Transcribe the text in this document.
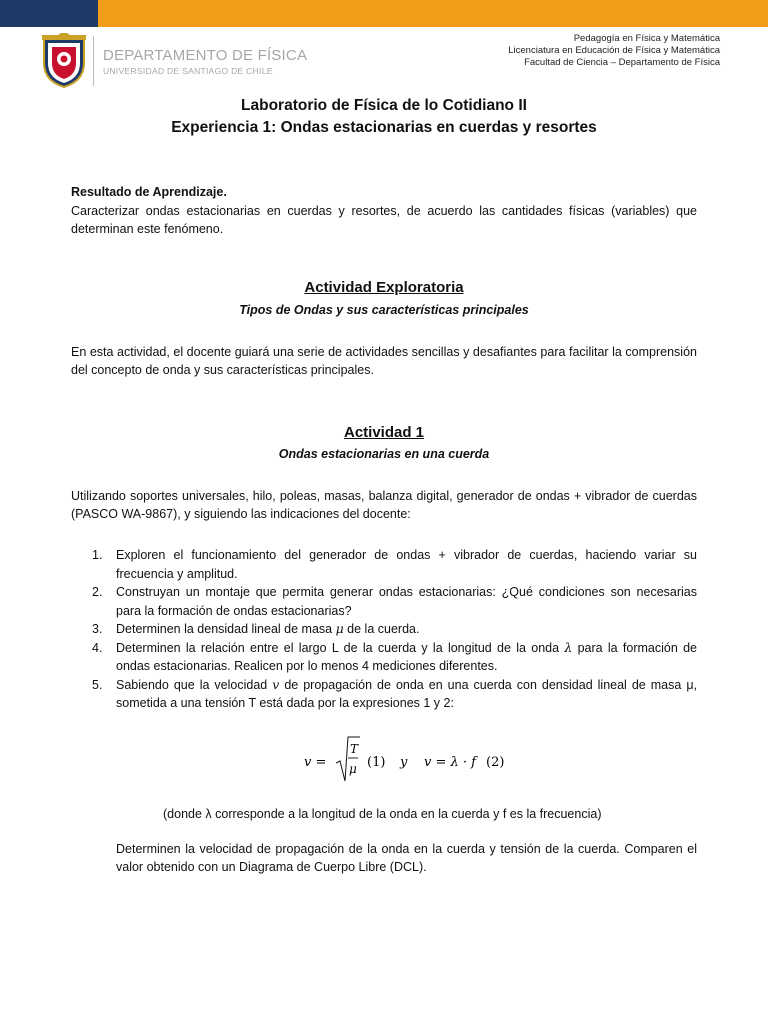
DEPARTAMENTO DE FÍSICA
UNIVERSIDAD DE SANTIAGO DE CHILE
Pedagogía en Física y Matemática
Licenciatura en Educación de Física y Matemática
Facultad de Ciencia – Departamento de Física
Laboratorio de Física de lo Cotidiano II
Experiencia 1: Ondas estacionarias en cuerdas y resortes
Resultado de Aprendizaje.
Caracterizar ondas estacionarias en cuerdas y resortes, de acuerdo las cantidades físicas (variables) que determinan este fenómeno.
Actividad Exploratoria
Tipos de Ondas y sus características principales
En esta actividad, el docente guiará una serie de actividades sencillas y desafiantes para facilitar la comprensión del concepto de onda y sus características principales.
Actividad 1
Ondas estacionarias en una cuerda
Utilizando soportes universales, hilo, poleas, masas, balanza digital, generador de ondas + vibrador de cuerdas (PASCO WA-9867), y siguiendo las indicaciones del docente:
1. Exploren el funcionamiento del generador de ondas + vibrador de cuerdas, haciendo variar su frecuencia y amplitud.
2. Construyan un montaje que permita generar ondas estacionarias: ¿Qué condiciones son necesarias para la formación de ondas estacionarias?
3. Determinen la densidad lineal de masa μ de la cuerda.
4. Determinen la relación entre el largo L de la cuerda y la longitud de la onda λ para la formación de ondas estacionarias. Realicen por lo menos 4 mediciones diferentes.
5. Sabiendo que la velocidad v de propagación de onda en una cuerda con densidad lineal de masa μ, sometida a una tensión T está dada por la expresiones 1 y 2:
v =
T
μ (1) y v = λ · f (2)
(donde λ corresponde a la longitud de la onda en la cuerda y f es la frecuencia)
Determinen la velocidad de propagación de la onda en la cuerda y tensión de la cuerda. Comparen el valor obtenido con un Diagrama de Cuerpo Libre (DCL).
